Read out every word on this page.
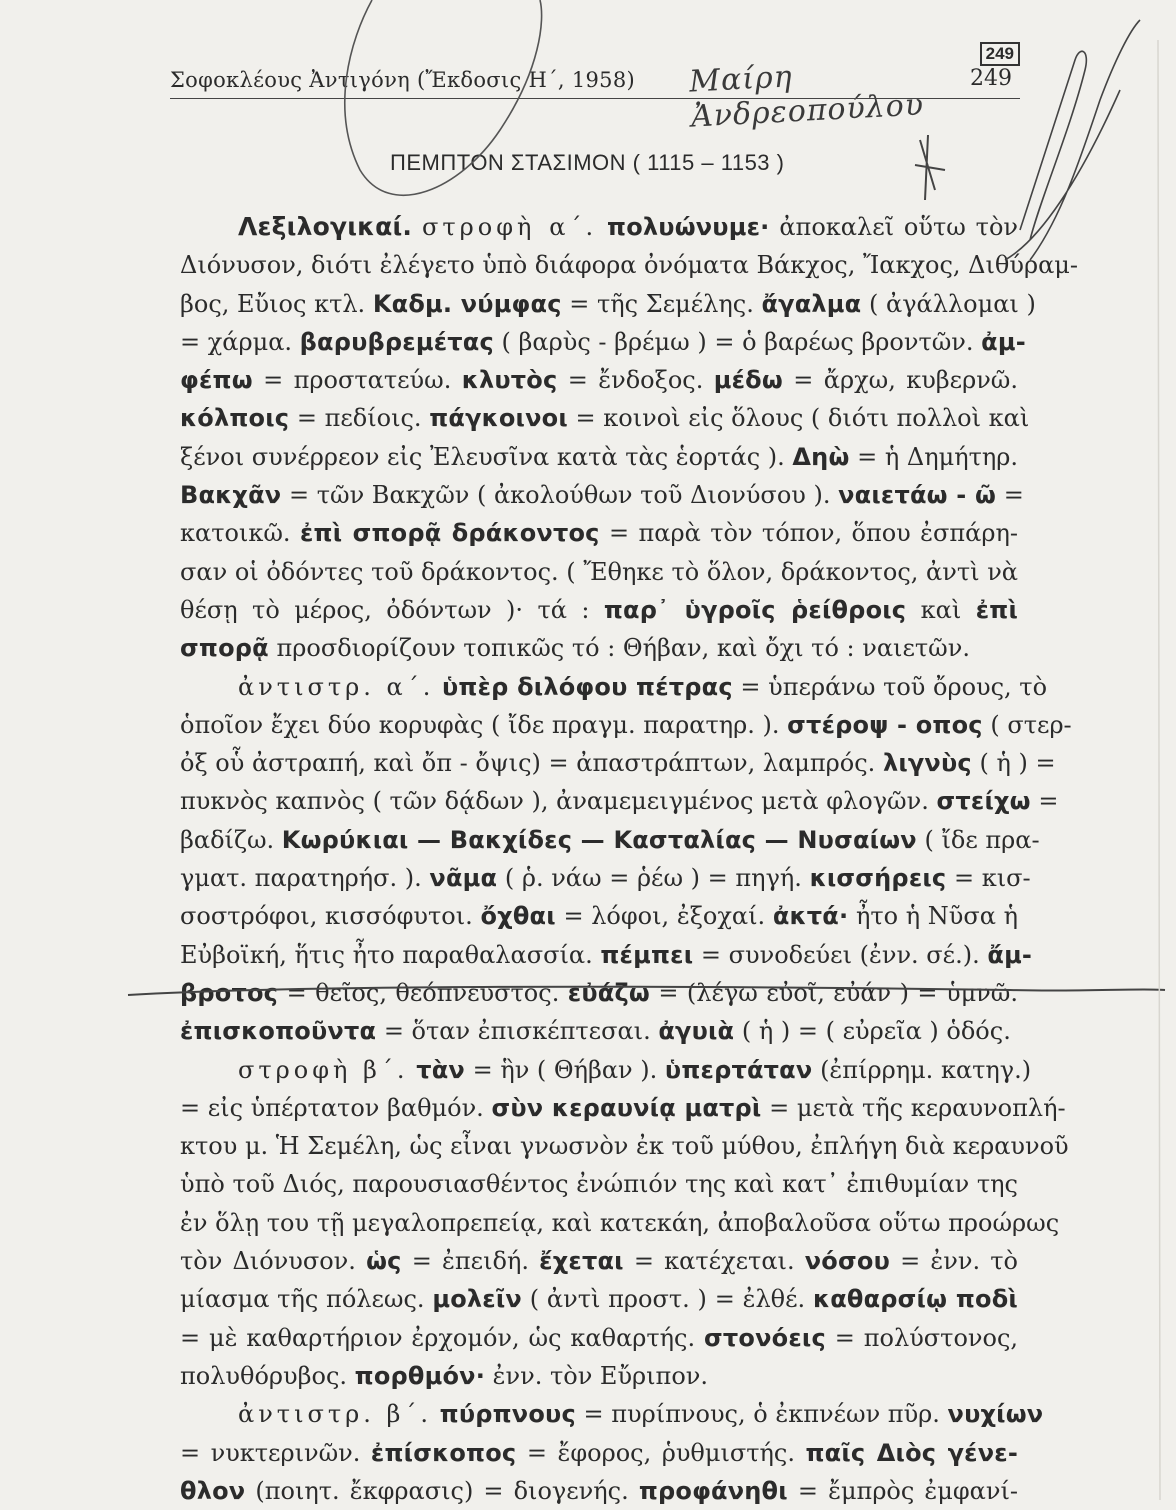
Σοφοκλέους Ἀντιγόνη (Ἔκδοσις Η΄, 1958) Μαίρη Ἀνδρεοπούλου
249
249
ΠΕΜΠΤΟΝ ΣΤΑΣΙΜΟΝ ( 1115 – 1153 )
Λεξιλογικαί. στροφὴ α΄. πολυώνυμε· ἀποκαλεῖ οὕτω τὸν
Διόνυσον, διότι ἐλέγετο ὑπὸ διάφορα ὀνόματα Βάκχος, Ἴακχος, Διθύραμ-
βος, Εὔιος κτλ. Καδμ. νύμφας = τῆς Σεμέλης. ἄγαλμα ( ἀγάλλομαι )
= χάρμα. βαρυβρεμέτας ( βαρὺς - βρέμω ) = ὁ βαρέως βροντῶν. ἀμ-
φέπω = προστατεύω. κλυτὸς = ἔνδοξος. μέδω = ἄρχω, κυβερνῶ.
κόλποις = πεδίοις. πάγκοινοι = κοινοὶ εἰς ὅλους ( διότι πολλοὶ καὶ
ξένοι συνέρρεον εἰς Ἐλευσῖνα κατὰ τὰς ἑορτάς ). Δηὼ = ἡ Δημήτηρ.
Βακχᾶν = τῶν Βακχῶν ( ἀκολούθων τοῦ Διονύσου ). ναιετάω - ῶ =
κατοικῶ. ἐπὶ σπορᾷ δράκοντος = παρὰ τὸν τόπον, ὅπου ἐσπάρη-
σαν οἱ ὀδόντες τοῦ δράκοντος. ( Ἔθηκε τὸ ὅλον, δράκοντος, ἀντὶ νὰ
θέσῃ τὸ μέρος, ὀδόντων )· τά : παρ᾽ ὑγροῖς ῥείθροις καὶ ἐπὶ
σπορᾷ προσδιορίζουν τοπικῶς τό : Θήβαν, καὶ ὄχι τό : ναιετῶν.
ἀντιστρ. α΄. ὑπὲρ διλόφου πέτρας = ὑπεράνω τοῦ ὄρους, τὸ
ὁποῖον ἔχει δύο κορυφὰς ( ἴδε πραγμ. παρατηρ. ). στέροψ - οπος ( στερ-
ὀξ οὗ ἀστραπή, καὶ ὄπ - ὄψις) = ἀπαστράπτων, λαμπρός. λιγνὺς ( ἡ ) =
πυκνὸς καπνὸς ( τῶν δᾴδων ), ἀναμεμειγμένος μετὰ φλογῶν. στείχω =
βαδίζω. Κωρύκιαι — Βακχίδες — Κασταλίας — Νυσαίων ( ἴδε πρα-
γματ. παρατηρήσ. ). νᾶμα ( ῥ. νάω = ῥέω ) = πηγή. κισσήρεις = κισ-
σοστρόφοι, κισσόφυτοι. ὄχθαι = λόφοι, ἐξοχαί. ἀκτά· ἦτο ἡ Νῦσα ἡ
Εὐβοϊκή, ἥτις ἦτο παραθαλασσία. πέμπει = συνοδεύει (ἐνν. σέ.). ἄμ-
βροτος = θεῖος, θεόπνευστος. εὐάζω = (λέγω εὐοῖ, εὐάν ) = ὑμνῶ.
ἐπισκοποῦντα = ὅταν ἐπισκέπτεσαι. ἀγυιὰ ( ἡ ) = ( εὐρεῖα ) ὁδός.
στροφὴ β΄. τὰν = ἣν ( Θήβαν ). ὑπερτάταν (ἐπίρρημ. κατηγ.)
= εἰς ὑπέρτατον βαθμόν. σὺν κεραυνίᾳ ματρὶ = μετὰ τῆς κεραυνοπλή-
κτου μ. Ἡ Σεμέλη, ὡς εἶναι γνωσνὸν ἐκ τοῦ μύθου, ἐπλήγη διὰ κεραυνοῦ
ὑπὸ τοῦ Διός, παρουσιασθέντος ἐνώπιόν της καὶ κατ᾽ ἐπιθυμίαν της
ἐν ὅλῃ του τῇ μεγαλοπρεπείᾳ, καὶ κατεκάη, ἀποβαλοῦσα οὕτω προώρως
τὸν Διόνυσον. ὡς = ἐπειδή. ἔχεται = κατέχεται. νόσου = ἐνν. τὸ
μίασμα τῆς πόλεως. μολεῖν ( ἀντὶ προστ. ) = ἐλθέ. καθαρσίῳ ποδὶ
= μὲ καθαρτήριον ἐρχομόν, ὡς καθαρτής. στονόεις = πολύστονος,
πολυθόρυβος. πορθμόν· ἐνν. τὸν Εὔριπον.
ἀντιστρ. β΄. πύρπνους = πυρίπνους, ὁ ἐκπνέων πῦρ. νυχίων
= νυκτερινῶν. ἐπίσκοπος = ἔφορος, ῥυθμιστής. παῖς Διὸς γένε-
θλον (ποιητ. ἔκφρασις) = διογενής. προφάνηθι = ἔμπρὸς ἐμφανί-
